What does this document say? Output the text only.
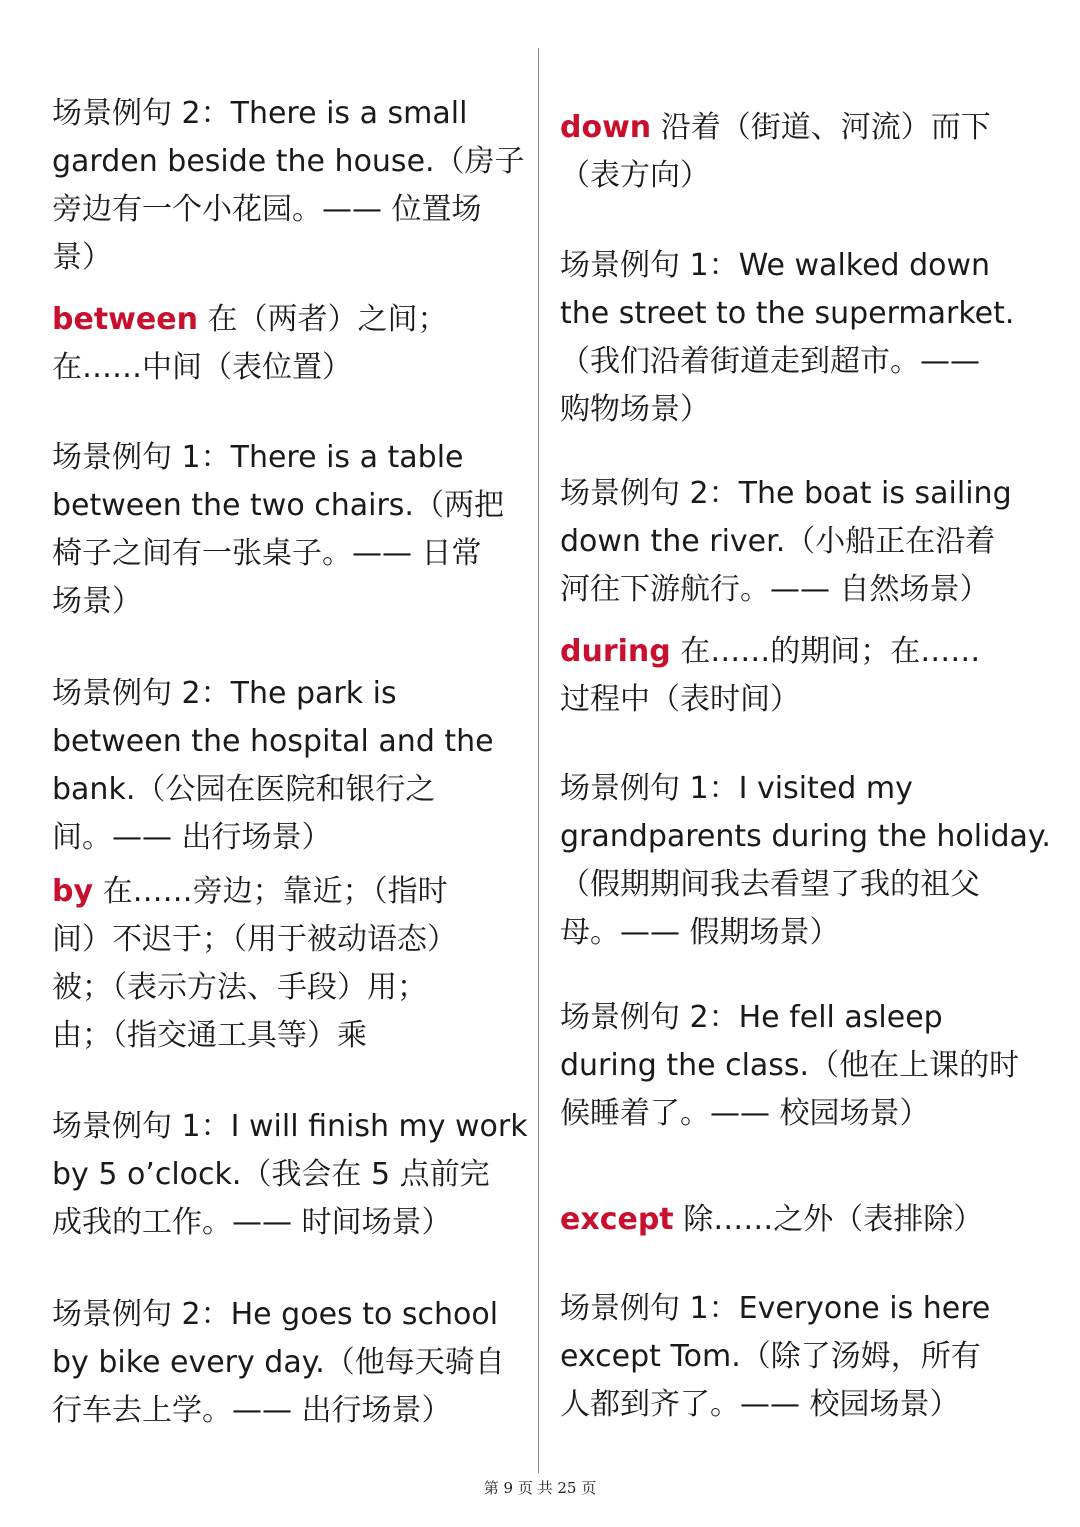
场景例句 2：There is a small
garden beside the house.（房子
旁边有一个小花园。—— 位置场
景）
between 在（两者）之间；
在……中间（表位置）
场景例句 1：There is a table
between the two chairs.（两把
椅子之间有一张桌子。—— 日常
场景）
场景例句 2：The park is
between the hospital and the
bank.（公园在医院和银行之
间。—— 出行场景）
by 在……旁边；靠近；（指时
间）不迟于；（用于被动语态）
被；（表示方法、手段）用；
由；（指交通工具等）乘
场景例句 1：I will finish my work
by 5 o’clock.（我会在 5 点前完
成我的工作。—— 时间场景）
场景例句 2：He goes to school
by bike every day.（他每天骑自
行车去上学。—— 出行场景）
down 沿着（街道、河流）而下
（表方向）
场景例句 1：We walked down
the street to the supermarket.
（我们沿着街道走到超市。——
购物场景）
场景例句 2：The boat is sailing
down the river.（小船正在沿着
河往下游航行。—— 自然场景）
during 在……的期间；在……
过程中（表时间）
场景例句 1：I visited my
grandparents during the holiday.
（假期期间我去看望了我的祖父
母。—— 假期场景）
场景例句 2：He fell asleep
during the class.（他在上课的时
候睡着了。—— 校园场景）
except 除……之外（表排除）
场景例句 1：Everyone is here
except Tom.（除了汤姆，所有
人都到齐了。—— 校园场景）
第 9 页 共 25 页
